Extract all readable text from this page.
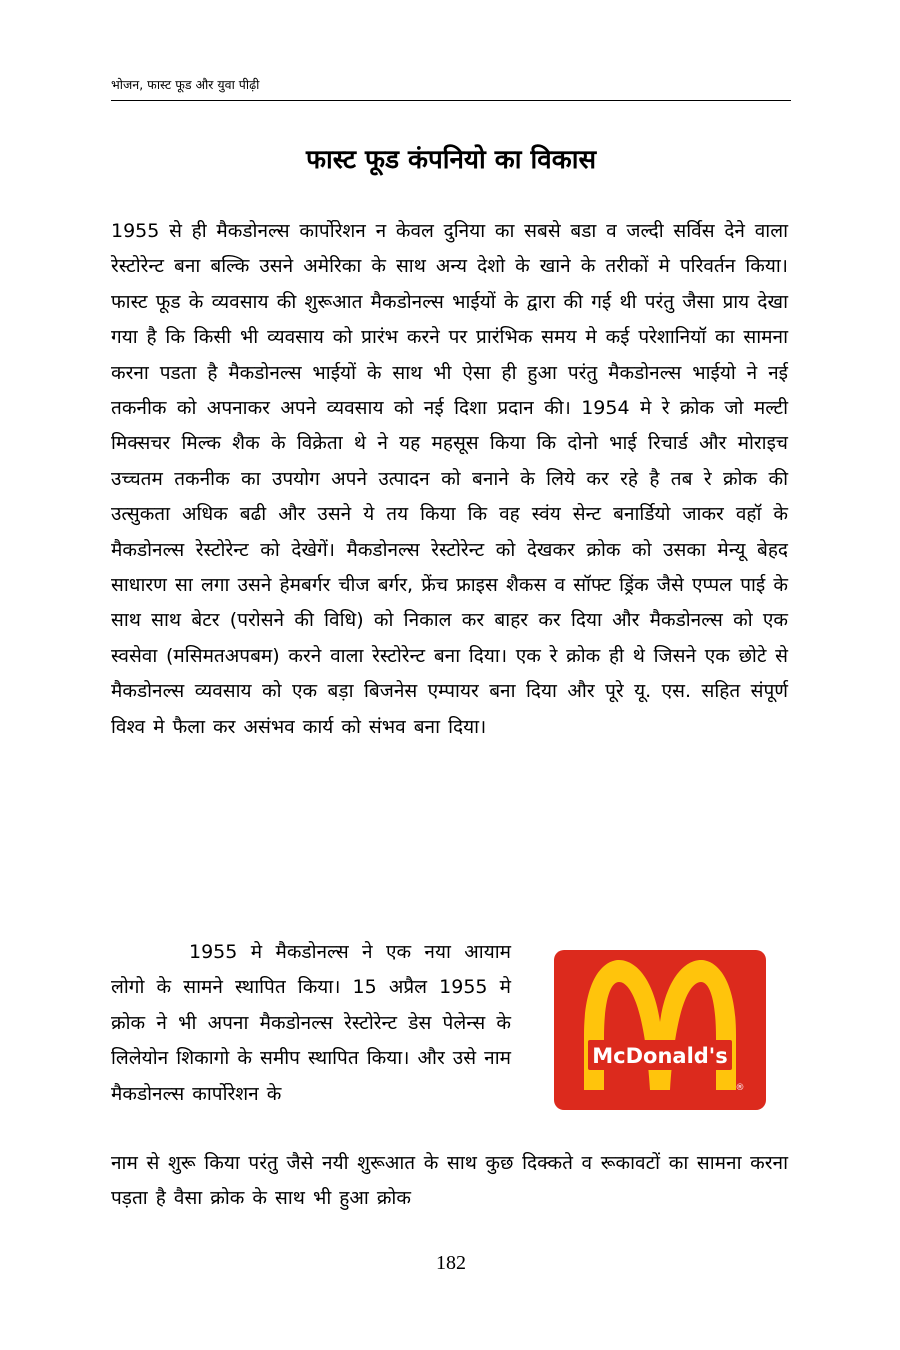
भोजन, फास्ट फूड और युवा पीढ़ी
फास्ट फूड कंपनियो का विकास
1955 से ही मैकडोनल्स कार्पोरेशन न केवल दुनिया का सबसे बडा व जल्दी सर्विस देने वाला रेस्टोरेन्ट बना बल्कि उसने अमेरिका के साथ अन्य देशो के खाने के तरीकों मे परिवर्तन किया। फास्ट फूड के व्यवसाय की शुरूआत मैकडोनल्स भाईयों के द्वारा की गई थी परंतु जैसा प्राय देखा गया है कि किसी भी व्यवसाय को प्रारंभ करने पर प्रारंभिक समय मे कई परेशानियॉ का सामना करना पडता है मैकडोनल्स भाईयों के साथ भी ऐसा ही हुआ परंतु मैकडोनल्स भाईयो ने नई तकनीक को अपनाकर अपने व्यवसाय को नई दिशा प्रदान की। 1954 मे रे क्रोक जो मल्टी मिक्सचर मिल्क शैक के विक्रेता थे ने यह महसूस किया कि दोनो भाई रिचार्ड और मोराइच उच्चतम तकनीक का उपयोग अपने उत्पादन को बनाने के लिये कर रहे है तब रे क्रोक की उत्सुकता अधिक बढी और उसने ये तय किया कि वह स्वंय सेन्ट बनार्डियो जाकर वहॉ के मैकडोनल्स रेस्टोरेन्ट को देखेगें। मैकडोनल्स रेस्टोरेन्ट को देखकर क्रोक को उसका मेन्यू बेहद साधारण सा लगा उसने हेमबर्गर चीज बर्गर, फ्रेंच फ्राइस शैकस व सॉफ्ट ड्रिंक जैसे एप्पल पाई के साथ साथ बेटर (परोसने की विधि) को निकाल कर बाहर कर दिया और मैकडोनल्स को एक स्वसेवा (मसिमतअपबम) करने वाला रेस्टोरेन्ट बना दिया। एक रे क्रोक ही थे जिसने एक छोटे से मैकडोनल्स व्यवसाय को एक बड़ा बिजनेस एम्पायर बना दिया और पूरे यू. एस. सहित संपूर्ण विश्व मे फैला कर असंभव कार्य को संभव बना दिया।
1955 मे मैकडोनल्स ने एक नया आयाम लोगो के सामने स्थापित किया। 15 अप्रैल 1955 मे क्रोक ने भी अपना मैकडोनल्स रेस्टोरेन्ट डेस पेलेन्स के लिलेयोन शिकागो के समीप स्थापित किया। और उसे नाम मैकडोनल्स कार्पोरेशन के
McDonald's
®
नाम से शुरू किया परंतु जैसे नयी शुरूआत के साथ कुछ दिक्कते व रूकावटों का सामना करना पड़ता है वैसा क्रोक के साथ भी हुआ क्रोक
182
